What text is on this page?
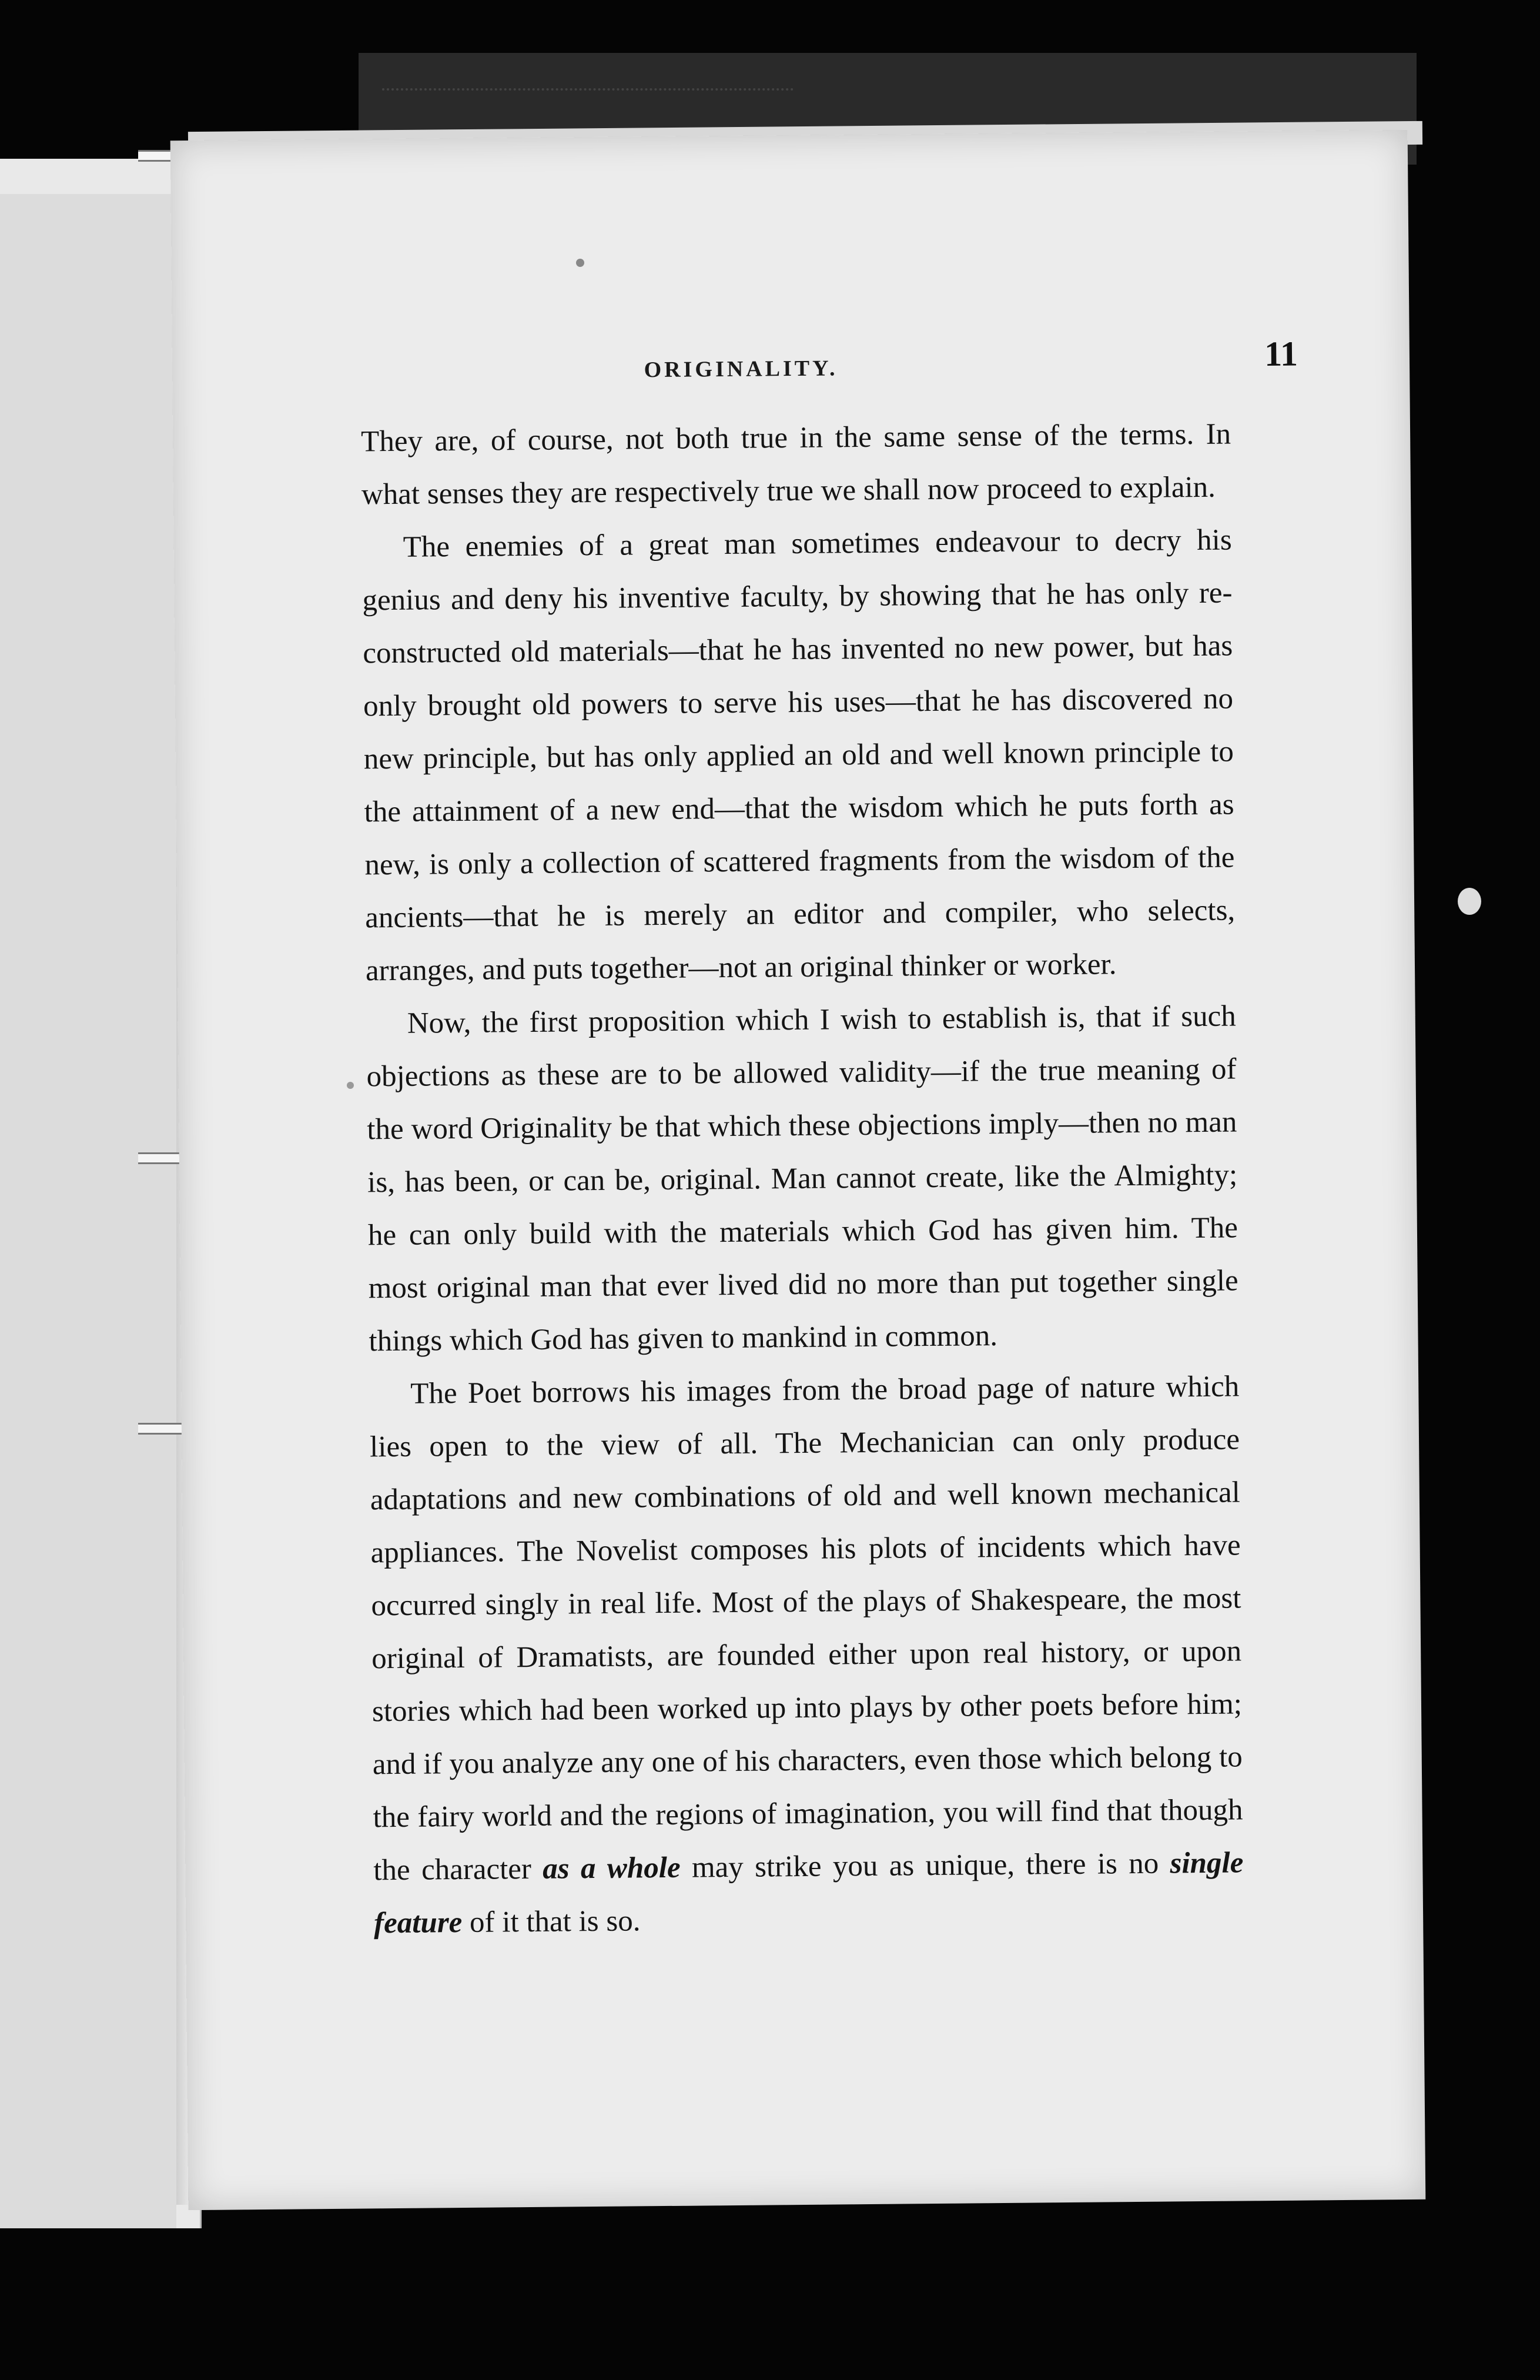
ORIGINALITY.	11

They are, of course, not both true in the same sense of the terms. In what senses they are respectively true we shall now proceed to explain.

The enemies of a great man sometimes endeavour to decry his genius and deny his inventive faculty, by showing that he has only re-constructed old materials—that he has invented no new power, but has only brought old powers to serve his uses—that he has discovered no new principle, but has only applied an old and well known principle to the attainment of a new end—that the wisdom which he puts forth as new, is only a collection of scattered fragments from the wisdom of the ancients—that he is merely an editor and compiler, who selects, arranges, and puts together—not an original thinker or worker.

Now, the first proposition which I wish to establish is, that if such objections as these are to be allowed validity—if the true meaning of the word Originality be that which these objections imply—then no man is, has been, or can be, original. Man cannot create, like the Almighty; he can only build with the materials which God has given him. The most original man that ever lived did no more than put together single things which God has given to mankind in common.

The Poet borrows his images from the broad page of nature which lies open to the view of all. The Mechanician can only produce adaptations and new combinations of old and well known mechanical appliances. The Novelist composes his plots of incidents which have occurred singly in real life. Most of the plays of Shakespeare, the most original of Dramatists, are founded either upon real history, or upon stories which had been worked up into plays by other poets before him; and if you analyze any one of his characters, even those which belong to the fairy world and the regions of imagination, you will find that though the character as a whole may strike you as unique, there is no single feature of it that is so.
